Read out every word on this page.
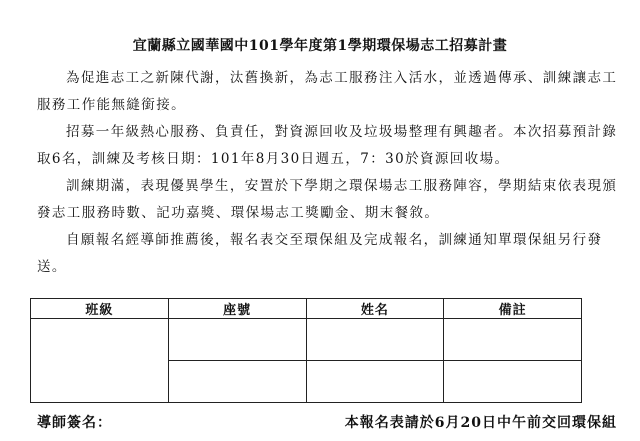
宜蘭縣立國華國中101學年度第1學期環保場志工招募計畫

為促進志工之新陳代謝，汰舊換新，為志工服務注入活水，並透過傳承、訓練讓志工服務工作能無縫銜接。

招募一年級熱心服務、負責任，對資源回收及垃圾場整理有興趣者。本次招募預計錄取6名，訓練及考核日期：101年8月30日週五，7：30於資源回收場。

訓練期滿，表現優異學生，安置於下學期之環保場志工服務陣容，學期結束依表現頒發志工服務時數、記功嘉獎、環保場志工獎勵金、期末餐敘。

自願報名經導師推薦後，報名表交至環保組及完成報名，訓練通知單環保組另行發送。

班級	座號	姓名	備註

導師簽名：	本報名表請於6月20日中午前交回環保組
